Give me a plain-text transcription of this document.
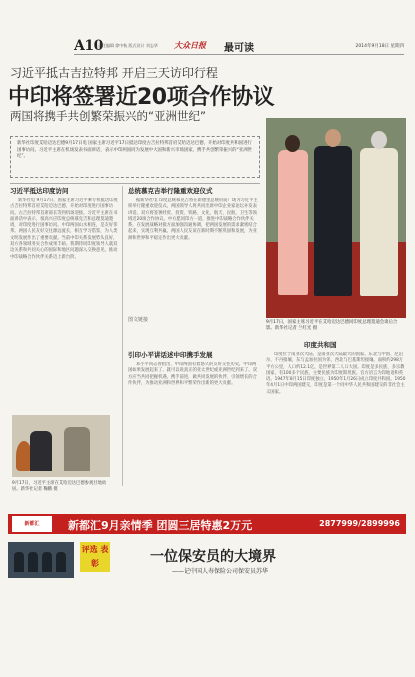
A10
责任编辑 徐中秋 版式设计 刘志华 大众日报 最可读	2014年9月18日 星期四
习近平抵古吉拉特邦 开启三天访印行程
中印将签署近20项合作协议
两国将携手共创繁荣振兴的“亚洲世纪”

新华社印度艾哈迈达巴德9月17日电 国家主席习近平17日抵达印度古吉拉特邦首府艾哈迈达巴德，开始对印度共和国进行国事访问。习近平主席在机场发表书面讲话，表示中印两国同为发展中大国和新兴市场国家，携手共创繁荣振兴的“亚洲世纪”。

9月17日，国家主席习近平在艾哈迈达巴德同印度总理莫迪会谈后合影。新华社记者 兰红光 摄
习近平抵达印度访问

新华社电 9月17日，国家主席习近平乘专机抵达印度古吉拉特邦首府艾哈迈达巴德，开始对印度进行国事访问。古吉拉特邦首席部长等到机场迎接。习近平主席在书面讲话中表示，很高兴应印度总统慕克吉和总理莫迪邀请，对印度进行国事访问。中印两国山水相连，是友好邻邦。两国人民友好交往源远流长，相互学习借鉴，为人类文明发展作出了重要贡献。当前中印关系发展势头良好，双方各领域务实合作成果丰硕。我期待同印度领导人就双边关系和共同关心的国际和地区问题深入交换意见，推动中印战略合作伙伴关系迈上新台阶。

总统慕克吉举行隆重欢迎仪式

据新华社电 印度总统慕克吉将在新德里总统府前广场为习近平主席举行隆重欢迎仪式。两国领导人将共同出席中印企业家论坛并发表讲话。双方将签署经贸、投资、铁路、文化、航天、民航、卫生等领域近20项合作协议。中方愿同印方一道，推进中印战略合作伙伴关系，在发展战略对接方面加强沟通协调，把两国发展的需求紧密结合起来，实现互利共赢。两国人民友谊在新时期不断巩固和发展，为亚洲和世界和平稳定作出更大贡献。

图文链接
引印小平讲话述中印携手发展

邓小平同志曾指出，中印两国有着悠久的友好交往历史，中印两国如果发展起来了，就可以说真正的亚太世纪或亚洲世纪到来了。双方应当共同把握机遇，携手前进，做共同发展的伙伴、引领增长的合作伙伴，为推动亚洲和世界和平繁荣作出新的更大贡献。

印度共和国

印度位于南亚次大陆，是南亚次大陆最大的国家。东北与中国、尼泊尔、不丹接壤，东与孟加拉国为邻，西北与巴基斯坦接壤。面积约298万平方公里，人口约12.1亿，是世界第二人口大国。印度是多民族、多宗教国家，有100多个民族，主要民族为印度斯坦族。官方语言为印地语和英语。1947年8月15日印度独立，1950年1月26日成立印度共和国。1950年4月1日中印两国建交，印度是第一个同中华人民共和国建交的非社会主义国家。

9月17日，习近平主席在艾哈迈达巴德参观甘地故居。新华社记者 鞠鹏 摄
新都汇	新都汇9月亲情季 团圆三居特惠2万元	2877999/2899996
评选 表彰	一位保安员的大境界
——记中国人寿保险公司保安员苏华
